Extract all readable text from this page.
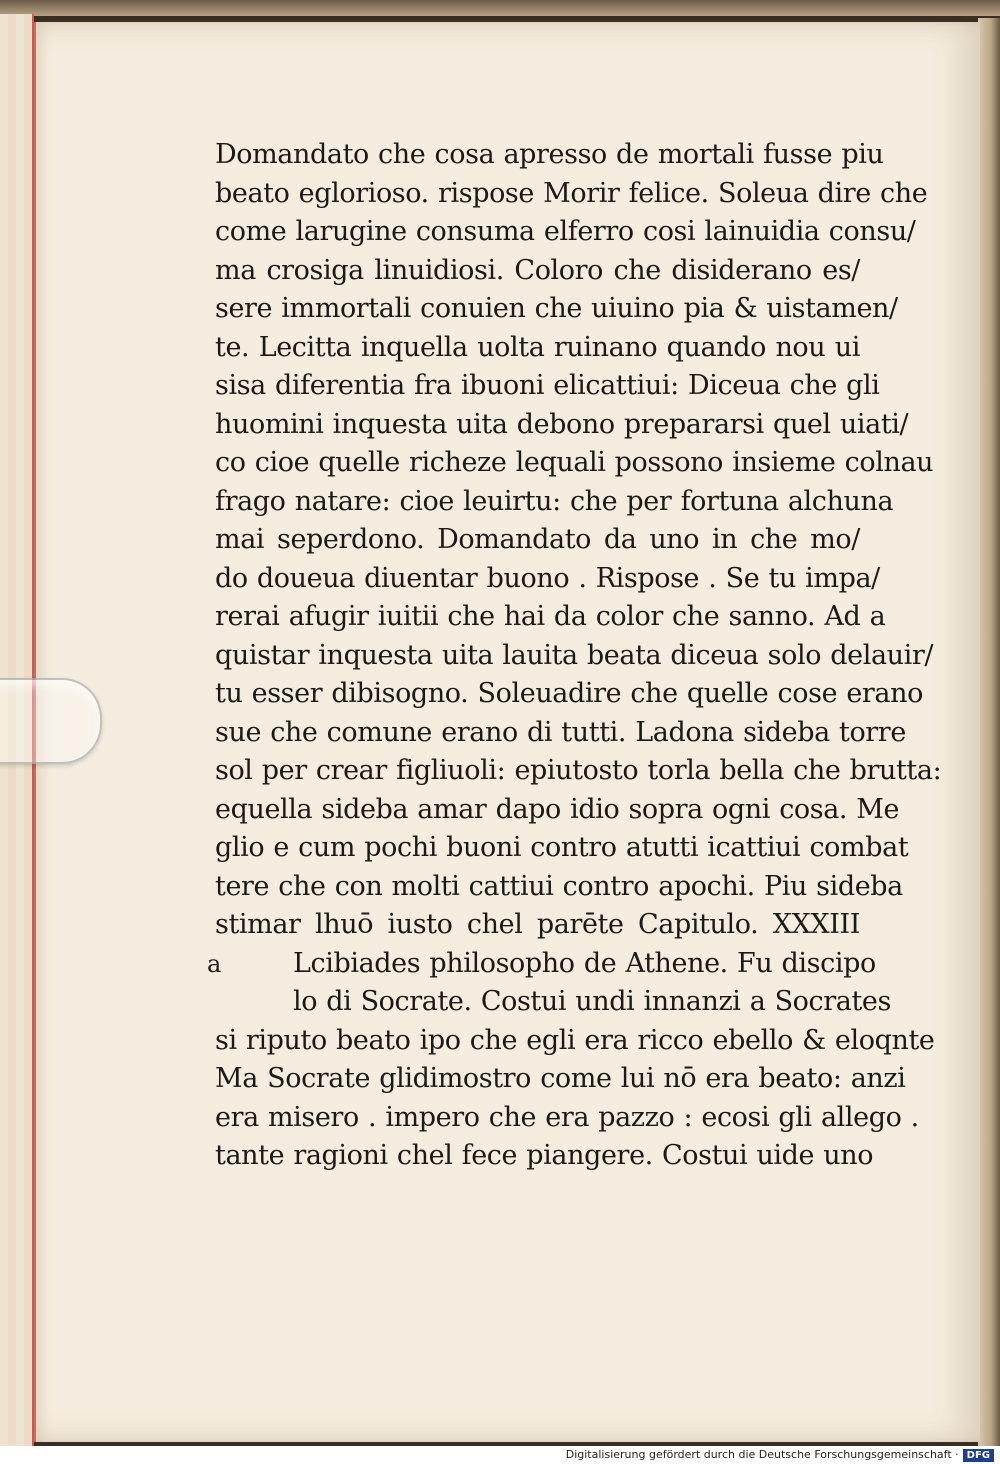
Domandato che cosa apresso de mortali fusse piu
beato eglorioso. rispose Morir felice. Soleua dire che
come larugine consuma elferro cosi lainuidia consu/
ma crosiga linuidiosi. Coloro che disiderano es/
sere immortali conuien che uiuino pia & uistamen/
te. Lecitta inquella uolta ruinano quando nou ui
sisa diferentia fra ibuoni elicattiui: Diceua che gli
huomini inquesta uita debono prepararsi quel uiati/
co cioe quelle richeze lequali possono insieme colnau
frago natare: cioe leuirtu: che per fortuna alchuna
mai seperdono. Domandato da uno in che mo/
do doueua diuentar buono . Rispose . Se tu impa/
rerai afugir iuitii che hai da color che sanno. Ad a
quistar inquesta uita lauita beata diceua solo delauir/
tu esser dibisogno. Soleuadire che quelle cose erano
sue che comune erano di tutti. Ladona sideba torre
sol per crear figliuoli: epiutosto torla bella che brutta:
equella sideba amar dapo idio sopra ogni cosa. Me
glio e cum pochi buoni contro atutti icattiui combat
tere che con molti cattiui contro apochi. Piu sideba
stimar lhuō iusto chel parēte Capitulo. XXXIII
a	Lcibiades philosopho de Athene. Fu discipo
lo di Socrate. Costui undi innanzi a Socrates
si riputo beato ipo che egli era ricco ebello & eloqnte
Ma Socrate glidimostro come lui nō era beato: anzi
era misero . impero che era pazzo : ecosi gli allego .
tante ragioni chel fece piangere. Costui uide uno
Digitalisierung gefördert durch die Deutsche Forschungsgemeinschaft · DFG
